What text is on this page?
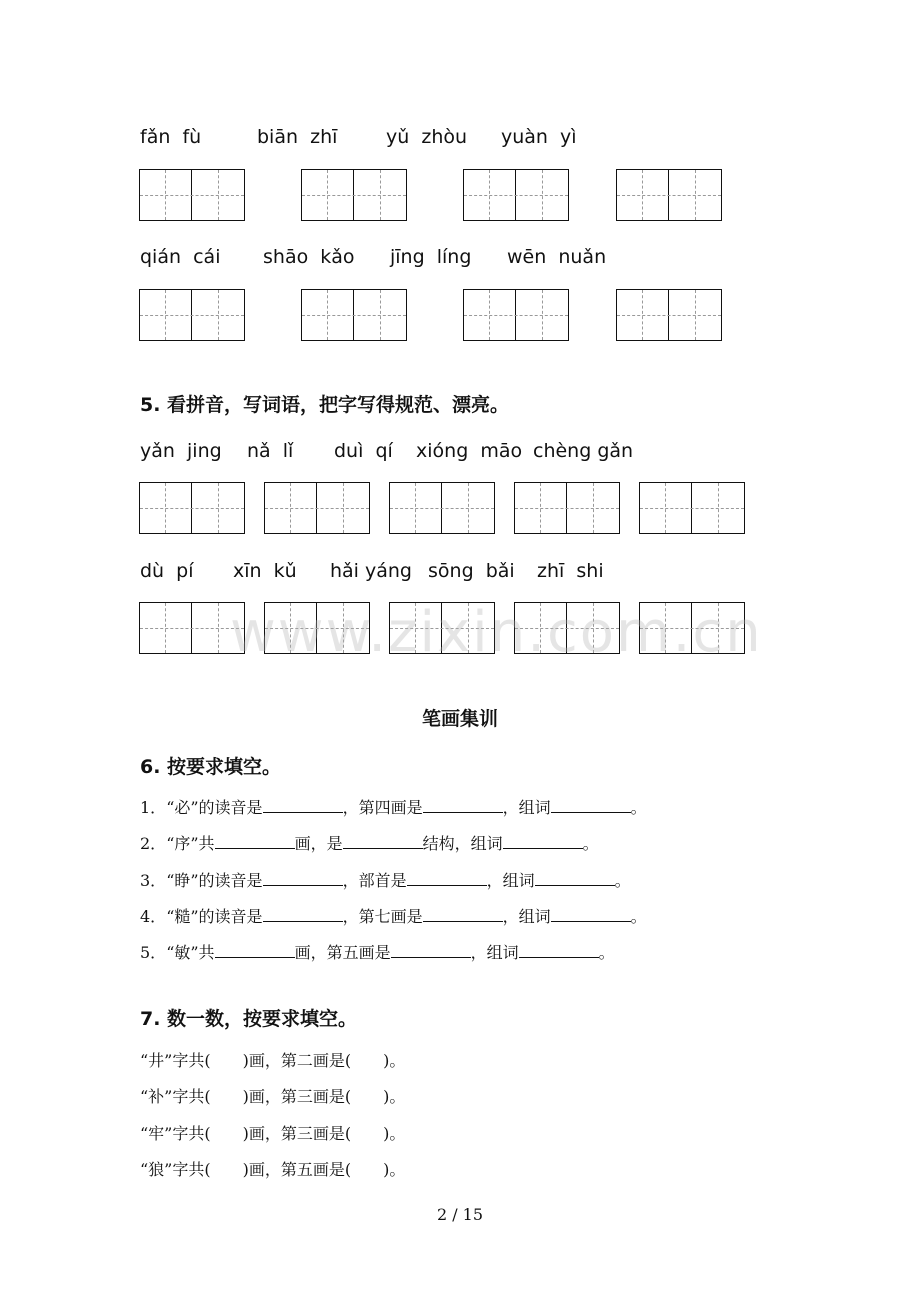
fǎn  fù	biān  zhī	yǔ  zhòu yuàn  yì
qián  cái shāo  kǎo jīng  líng wēn  nuǎn
5. 看拼音，写词语，把字写得规范、漂亮。
yǎn  jing nǎ  lǐ duì  qí xióng  māo chèng gǎn
dù  pí xīn  kǔ hǎi yáng sōng  bǎi zhī  shi
www.zixin.com.cn
笔画集训
6. 按要求填空。
1．“必”的读音是	，第四画是	，组词	。
2．“序”共	画，是	结构，组词	。
3．“睁”的读音是	，部首是	，组词	。
4．“糙”的读音是	，第七画是	，组词	。
5．“敏”共	画，第五画是	，组词	。
7. 数一数，按要求填空。
“井”字共(　　)画，第二画是(　　)。
“补”字共(　　)画，第三画是(　　)。
“牢”字共(　　)画，第三画是(　　)。
“狼”字共(　　)画，第五画是(　　)。
2 / 15
